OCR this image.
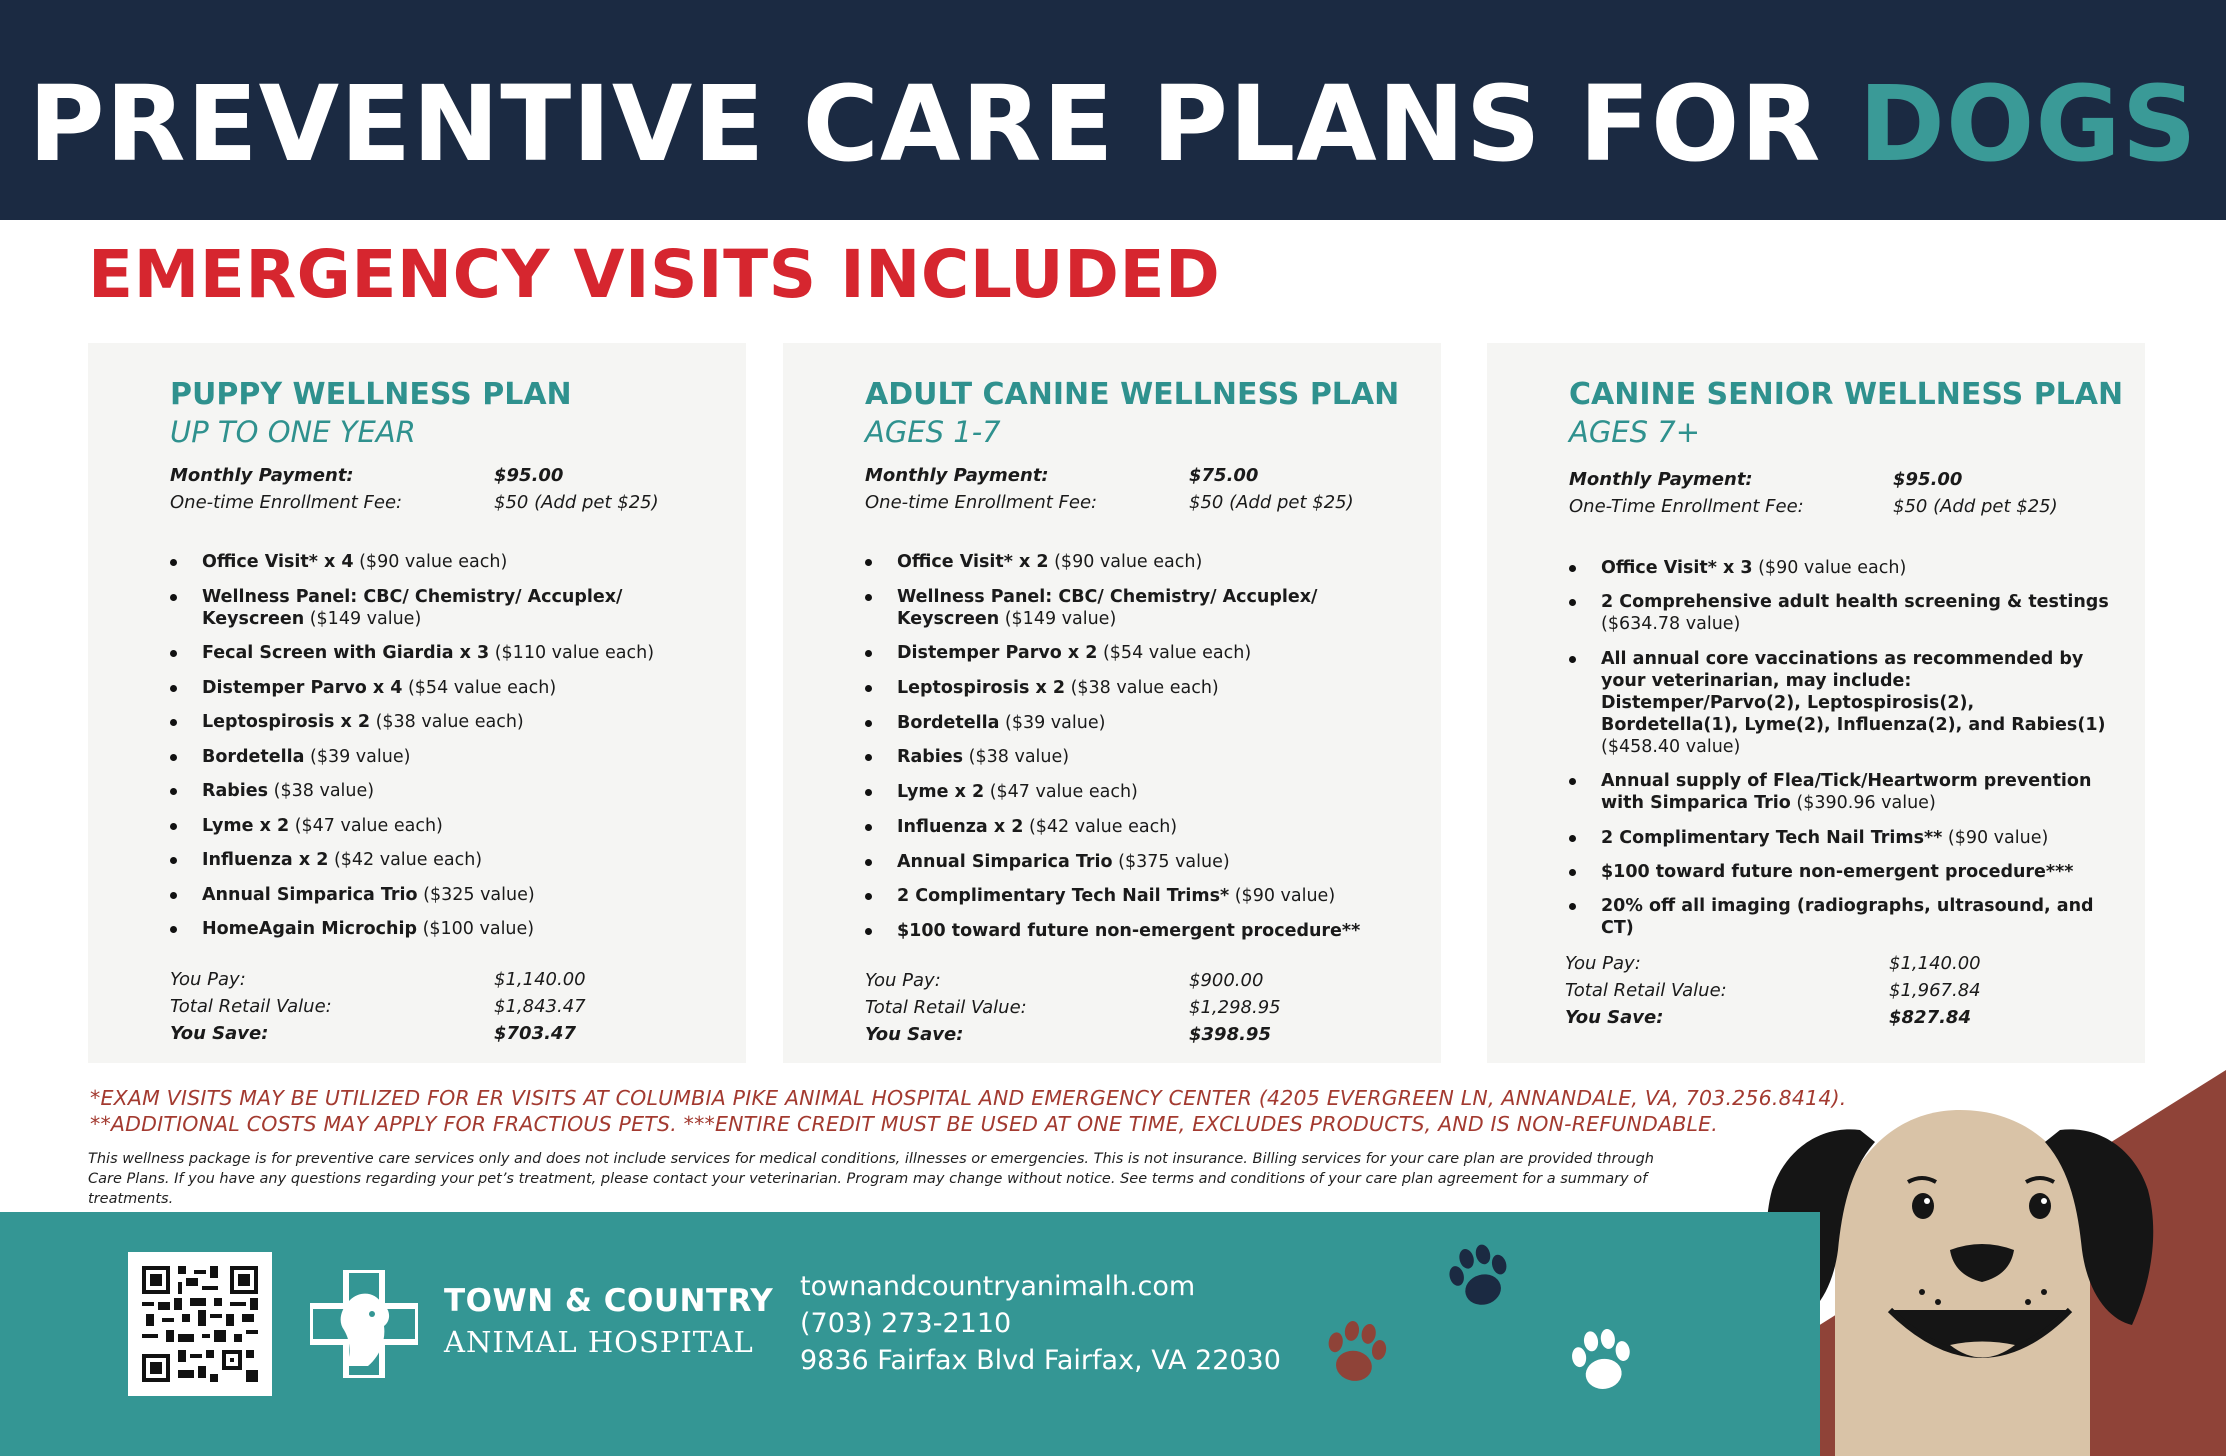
PREVENTIVE CARE PLANS FOR DOGS
EMERGENCY VISITS INCLUDED
PUPPY WELLNESS PLAN
UP TO ONE YEAR
Monthly Payment:	$95.00
One-time Enrollment Fee:	$50 (Add pet $25)
Office Visit* x 4 ($90 value each)
Wellness Panel: CBC/ Chemistry/ Accuplex/ Keyscreen ($149 value)
Fecal Screen with Giardia x 3 ($110 value each)
Distemper Parvo x 4 ($54 value each)
Leptospirosis x 2 ($38 value each)
Bordetella ($39 value)
Rabies ($38 value)
Lyme x 2 ($47 value each)
Influenza x 2 ($42 value each)
Annual Simparica Trio ($325 value)
HomeAgain Microchip ($100 value)
You Pay:	$1,140.00
Total Retail Value:	$1,843.47
You Save:	$703.47
ADULT CANINE WELLNESS PLAN
AGES 1-7
Monthly Payment:	$75.00
One-time Enrollment Fee:	$50 (Add pet $25)
Office Visit* x 2 ($90 value each)
Wellness Panel: CBC/ Chemistry/ Accuplex/ Keyscreen ($149 value)
Distemper Parvo x 2 ($54 value each)
Leptospirosis x 2 ($38 value each)
Bordetella ($39 value)
Rabies ($38 value)
Lyme x 2 ($47 value each)
Influenza x 2 ($42 value each)
Annual Simparica Trio ($375 value)
2 Complimentary Tech Nail Trims* ($90 value)
$100 toward future non-emergent procedure**
You Pay:	$900.00
Total Retail Value:	$1,298.95
You Save:	$398.95
CANINE SENIOR WELLNESS PLAN
AGES 7+
Monthly Payment:	$95.00
One-Time Enrollment Fee:	$50 (Add pet $25)
Office Visit* x 3 ($90 value each)
2 Comprehensive adult health screening & testings ($634.78 value)
All annual core vaccinations as recommended by your veterinarian, may include: Distemper/Parvo(2), Leptospirosis(2), Bordetella(1), Lyme(2), Influenza(2), and Rabies(1) ($458.40 value)
Annual supply of Flea/Tick/Heartworm prevention with Simparica Trio ($390.96 value)
2 Complimentary Tech Nail Trims** ($90 value)
$100 toward future non-emergent procedure***
20% off all imaging (radiographs, ultrasound, and CT)
You Pay:	$1,140.00
Total Retail Value:	$1,967.84
You Save:	$827.84
*EXAM VISITS MAY BE UTILIZED FOR ER VISITS AT COLUMBIA PIKE ANIMAL HOSPITAL AND EMERGENCY CENTER (4205 EVERGREEN LN, ANNANDALE, VA, 703.256.8414).
**ADDITIONAL COSTS MAY APPLY FOR FRACTIOUS PETS. ***ENTIRE CREDIT MUST BE USED AT ONE TIME, EXCLUDES PRODUCTS, AND IS NON-REFUNDABLE.
This wellness package is for preventive care services only and does not include services for medical conditions, illnesses or emergencies. This is not insurance. Billing services for your care plan are provided through Care Plans. If you have any questions regarding your pet’s treatment, please contact your veterinarian. Program may change without notice. See terms and conditions of your care plan agreement for a summary of treatments.
TOWN & COUNTRY
ANIMAL HOSPITAL
townandcountryanimalh.com
(703) 273-2110
9836 Fairfax Blvd Fairfax, VA 22030
